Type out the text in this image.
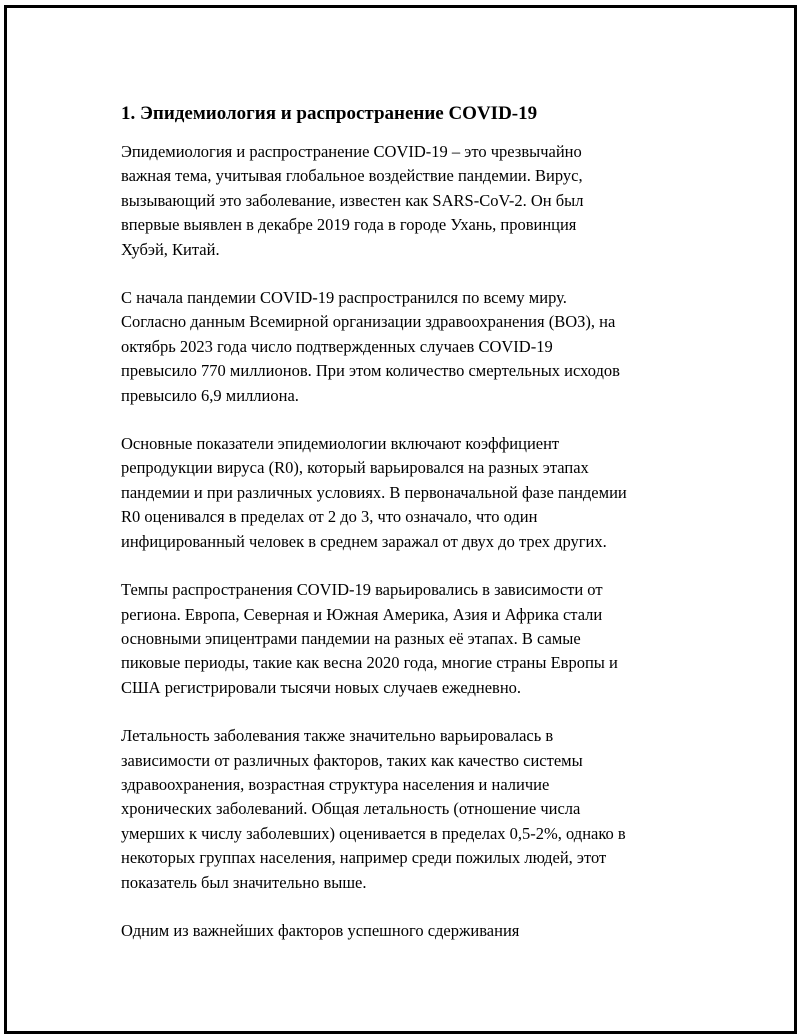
1. Эпидемиология и распространение COVID-19

Эпидемиология и распространение COVID-19 – это чрезвычайно
важная тема, учитывая глобальное воздействие пандемии. Вирус,
вызывающий это заболевание, известен как SARS-CoV-2. Он был
впервые выявлен в декабре 2019 года в городе Ухань, провинция
Хубэй, Китай.

С начала пандемии COVID-19 распространился по всему миру.
Согласно данным Всемирной организации здравоохранения (ВОЗ), на
октябрь 2023 года число подтвержденных случаев COVID-19
превысило 770 миллионов. При этом количество смертельных исходов
превысило 6,9 миллиона.

Основные показатели эпидемиологии включают коэффициент
репродукции вируса (R0), который варьировался на разных этапах
пандемии и при различных условиях. В первоначальной фазе пандемии
R0 оценивался в пределах от 2 до 3, что означало, что один
инфицированный человек в среднем заражал от двух до трех других.

Темпы распространения COVID-19 варьировались в зависимости от
региона. Европа, Северная и Южная Америка, Азия и Африка стали
основными эпицентрами пандемии на разных её этапах. В самые
пиковые периоды, такие как весна 2020 года, многие страны Европы и
США регистрировали тысячи новых случаев ежедневно.

Летальность заболевания также значительно варьировалась в
зависимости от различных факторов, таких как качество системы
здравоохранения, возрастная структура населения и наличие
хронических заболеваний. Общая летальность (отношение числа
умерших к числу заболевших) оценивается в пределах 0,5-2%, однако в
некоторых группах населения, например среди пожилых людей, этот
показатель был значительно выше.

Одним из важнейших факторов успешного сдерживания
